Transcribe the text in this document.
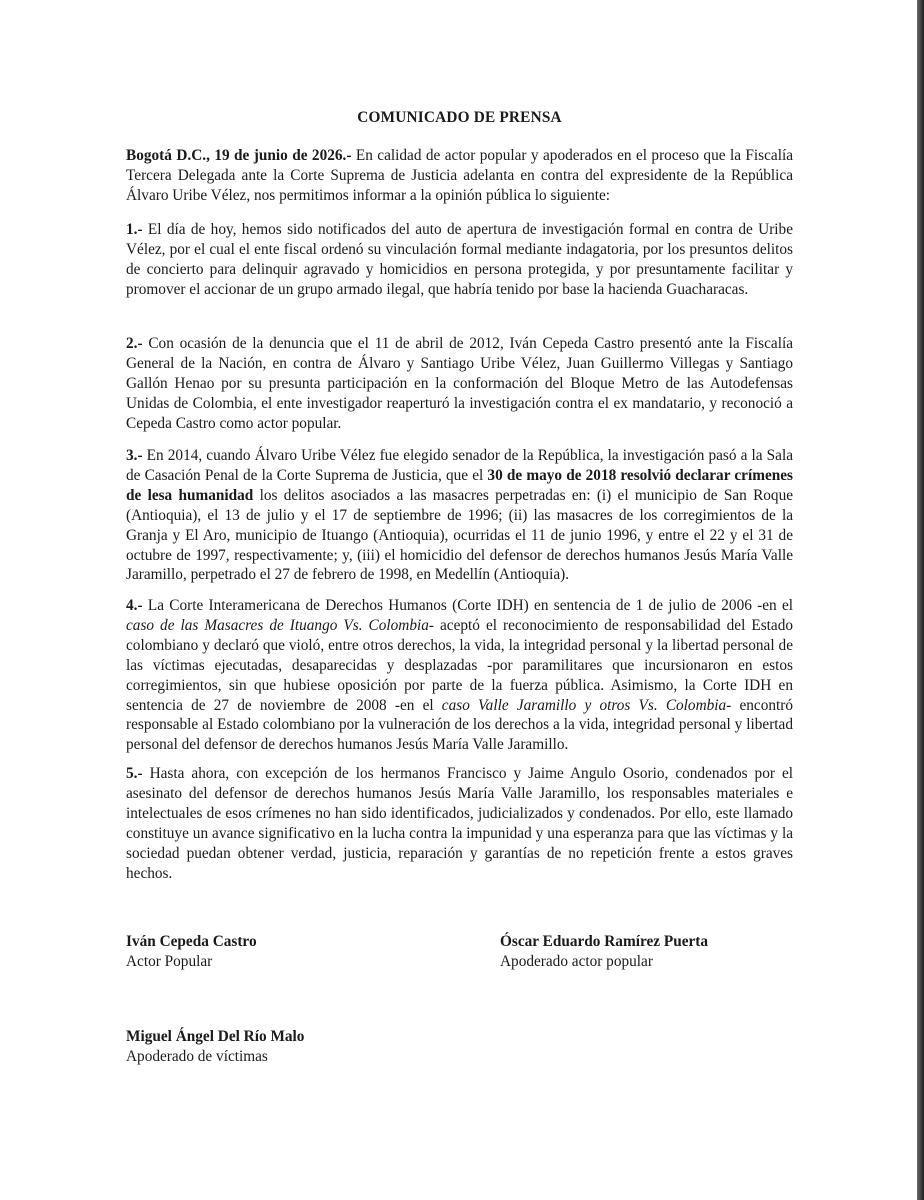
COMUNICADO DE PRENSA

Bogotá D.C., 19 de junio de 2026.- En calidad de actor popular y apoderados en el proceso que la Fiscalía Tercera Delegada ante la Corte Suprema de Justicia adelanta en contra del expresidente de la República Álvaro Uribe Vélez, nos permitimos informar a la opinión pública lo siguiente:

1.- El día de hoy, hemos sido notificados del auto de apertura de investigación formal en contra de Uribe Vélez, por el cual el ente fiscal ordenó su vinculación formal mediante indagatoria, por los presuntos delitos de concierto para delinquir agravado y homicidios en persona protegida, y por presuntamente facilitar y promover el accionar de un grupo armado ilegal, que habría tenido por base la hacienda Guacharacas.

2.- Con ocasión de la denuncia que el 11 de abril de 2012, Iván Cepeda Castro presentó ante la Fiscalía General de la Nación, en contra de Álvaro y Santiago Uribe Vélez, Juan Guillermo Villegas y Santiago Gallón Henao por su presunta participación en la conformación del Bloque Metro de las Autodefensas Unidas de Colombia, el ente investigador reaperturó la investigación contra el ex mandatario, y reconoció a Cepeda Castro como actor popular.

3.- En 2014, cuando Álvaro Uribe Vélez fue elegido senador de la República, la investigación pasó a la Sala de Casación Penal de la Corte Suprema de Justicia, que el 30 de mayo de 2018 resolvió declarar crímenes de lesa humanidad los delitos asociados a las masacres perpetradas en: (i) el municipio de San Roque (Antioquia), el 13 de julio y el 17 de septiembre de 1996; (ii) las masacres de los corregimientos de la Granja y El Aro, municipio de Ituango (Antioquia), ocurridas el 11 de junio 1996, y entre el 22 y el 31 de octubre de 1997, respectivamente; y, (iii) el homicidio del defensor de derechos humanos Jesús María Valle Jaramillo, perpetrado el 27 de febrero de 1998, en Medellín (Antioquia).

4.- La Corte Interamericana de Derechos Humanos (Corte IDH) en sentencia de 1 de julio de 2006 -en el caso de las Masacres de Ituango Vs. Colombia- aceptó el reconocimiento de responsabilidad del Estado colombiano y declaró que violó, entre otros derechos, la vida, la integridad personal y la libertad personal de las víctimas ejecutadas, desaparecidas y desplazadas -por paramilitares que incursionaron en estos corregimientos, sin que hubiese oposición por parte de la fuerza pública. Asimismo, la Corte IDH en sentencia de 27 de noviembre de 2008 -en el caso Valle Jaramillo y otros Vs. Colombia- encontró responsable al Estado colombiano por la vulneración de los derechos a la vida, integridad personal y libertad personal del defensor de derechos humanos Jesús María Valle Jaramillo.

5.- Hasta ahora, con excepción de los hermanos Francisco y Jaime Angulo Osorio, condenados por el asesinato del defensor de derechos humanos Jesús María Valle Jaramillo, los responsables materiales e intelectuales de esos crímenes no han sido identificados, judicializados y condenados. Por ello, este llamado constituye un avance significativo en la lucha contra la impunidad y una esperanza para que las víctimas y la sociedad puedan obtener verdad, justicia, reparación y garantías de no repetición frente a estos graves hechos.

Iván Cepeda Castro
Actor Popular
Óscar Eduardo Ramírez Puerta
Apoderado actor popular
Miguel Ángel Del Río Malo
Apoderado de víctimas
